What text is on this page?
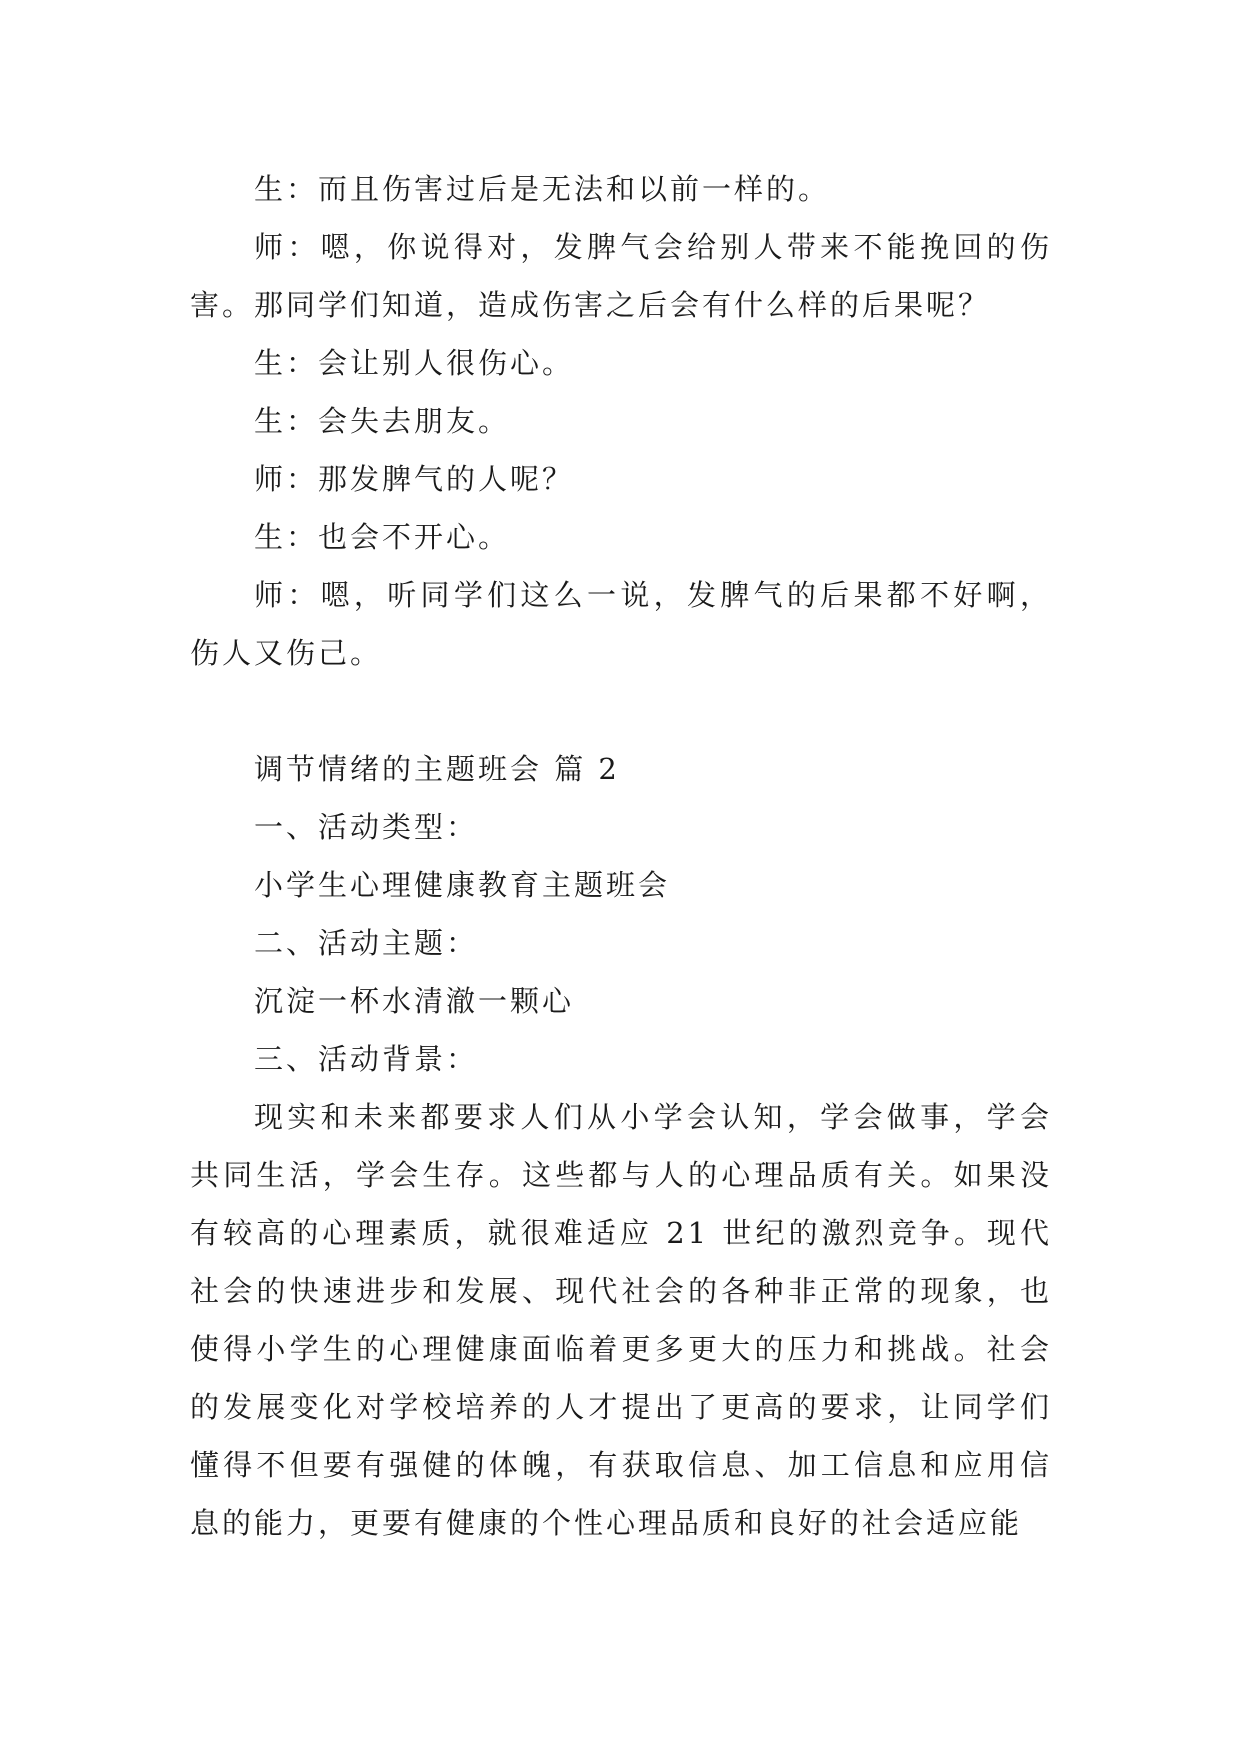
生：而且伤害过后是无法和以前一样的。

师：嗯，你说得对，发脾气会给别人带来不能挽回的伤害。那同学们知道，造成伤害之后会有什么样的后果呢？

生：会让别人很伤心。

生：会失去朋友。

师：那发脾气的人呢？

生：也会不开心。

师：嗯，听同学们这么一说，发脾气的后果都不好啊，伤人又伤己。

调节情绪的主题班会 篇 2

一、活动类型：

小学生心理健康教育主题班会

二、活动主题：

沉淀一杯水清澈一颗心

三、活动背景：

现实和未来都要求人们从小学会认知，学会做事，学会共同生活，学会生存。这些都与人的心理品质有关。如果没有较高的心理素质，就很难适应 21 世纪的激烈竞争。现代社会的快速进步和发展、现代社会的各种非正常的现象，也使得小学生的心理健康面临着更多更大的压力和挑战。社会的发展变化对学校培养的人才提出了更高的要求，让同学们懂得不但要有强健的体魄，有获取信息、加工信息和应用信息的能力，更要有健康的个性心理品质和良好的社会适应能
